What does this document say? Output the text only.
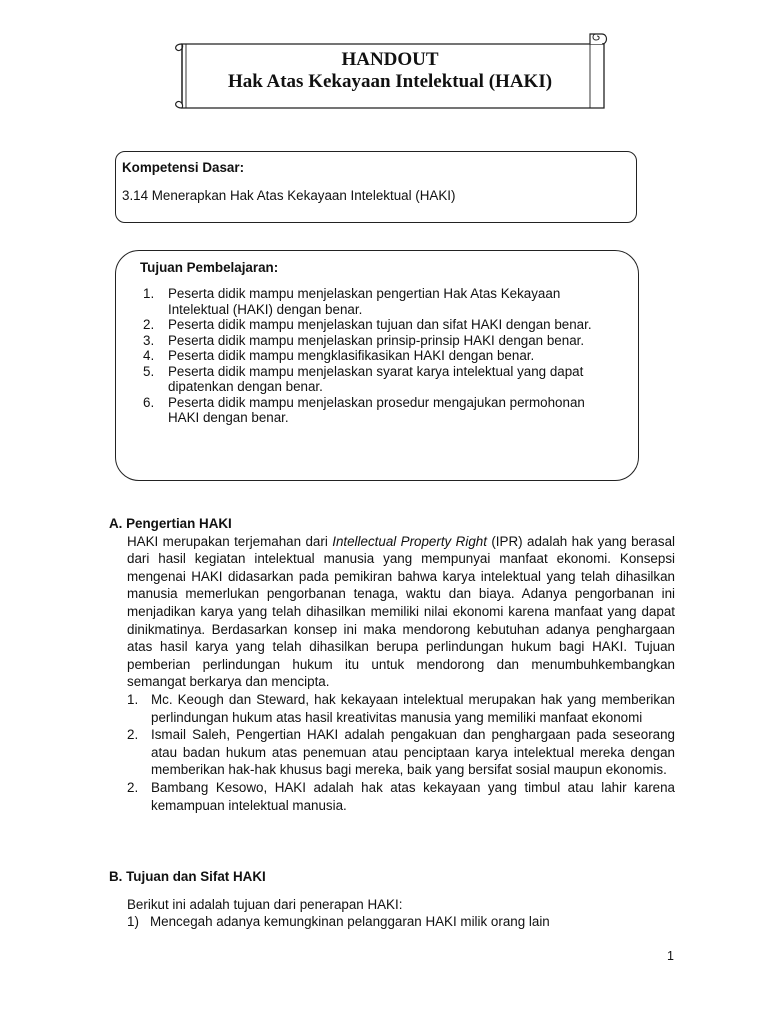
HANDOUT
Hak Atas Kekayaan Intelektual (HAKI)
Kompetensi Dasar:
3.14 Menerapkan Hak Atas Kekayaan Intelektual (HAKI)
Tujuan Pembelajaran:
1. Peserta didik mampu menjelaskan pengertian Hak Atas Kekayaan Intelektual (HAKI) dengan benar.
2. Peserta didik mampu menjelaskan tujuan dan sifat HAKI dengan benar.
3. Peserta didik mampu menjelaskan prinsip-prinsip HAKI dengan benar.
4. Peserta didik mampu mengklasifikasikan HAKI dengan benar.
5. Peserta didik mampu menjelaskan syarat karya intelektual yang dapat dipatenkan dengan benar.
6. Peserta didik mampu menjelaskan prosedur mengajukan permohonan HAKI dengan benar.
A. Pengertian HAKI
HAKI merupakan terjemahan dari Intellectual Property Right (IPR) adalah hak yang berasal dari hasil kegiatan intelektual manusia yang mempunyai manfaat ekonomi. Konsepsi mengenai HAKI didasarkan pada pemikiran bahwa karya intelektual yang telah dihasilkan manusia memerlukan pengorbanan tenaga, waktu dan biaya. Adanya pengorbanan ini menjadikan karya yang telah dihasilkan memiliki nilai ekonomi karena manfaat yang dapat dinikmatinya. Berdasarkan konsep ini maka mendorong kebutuhan adanya penghargaan atas hasil karya yang telah dihasilkan berupa perlindungan hukum bagi HAKI. Tujuan pemberian perlindungan hukum itu untuk mendorong dan menumbuhkembangkan semangat berkarya dan mencipta.
1. Mc. Keough dan Steward, hak kekayaan intelektual merupakan hak yang memberikan perlindungan hukum atas hasil kreativitas manusia yang memiliki manfaat ekonomi
2. Ismail Saleh, Pengertian HAKI adalah pengakuan dan penghargaan pada seseorang atau badan hukum atas penemuan atau penciptaan karya intelektual mereka dengan memberikan hak-hak khusus bagi mereka, baik yang bersifat sosial maupun ekonomis.
2. Bambang Kesowo, HAKI adalah hak atas kekayaan yang timbul atau lahir karena kemampuan intelektual manusia.
B. Tujuan dan Sifat HAKI
Berikut ini adalah tujuan dari penerapan HAKI:
1) Mencegah adanya kemungkinan pelanggaran HAKI milik orang lain
1
